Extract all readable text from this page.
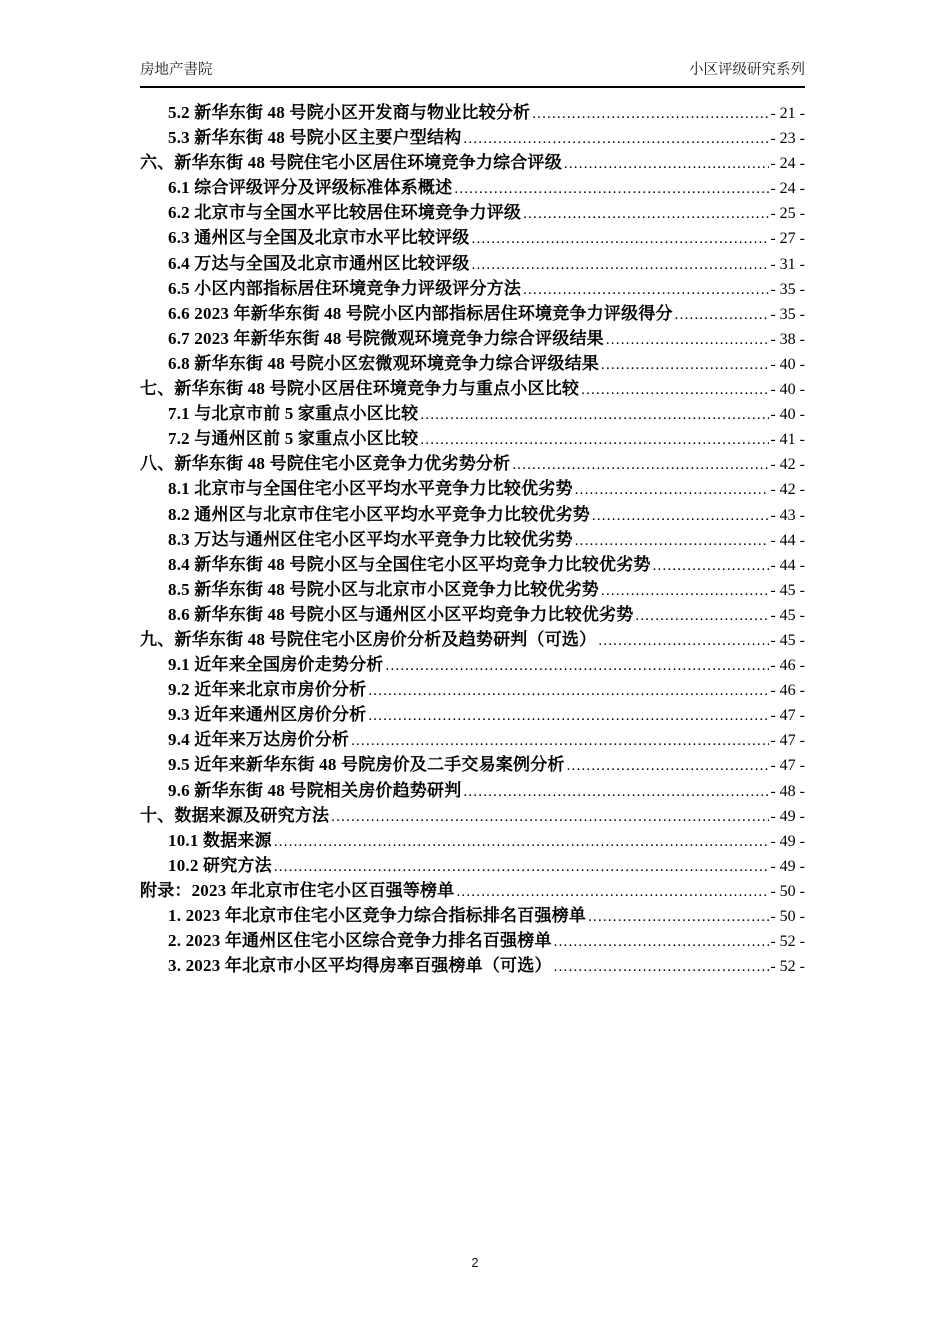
房地产書院	小区评级研究系列
5.2 新华东街 48 号院小区开发商与物业比较分析 .....	- 21 -
5.3 新华东街 48 号院小区主要户型结构 .....	- 23 -
六、新华东街 48 号院住宅小区居住环境竞争力综合评级 .....	- 24 -
6.1 综合评级评分及评级标准体系概述 .....	- 24 -
6.2 北京市与全国水平比较居住环境竞争力评级 .....	- 25 -
6.3 通州区与全国及北京市水平比较评级 .....	- 27 -
6.4 万达与全国及北京市通州区比较评级 .....	- 31 -
6.5 小区内部指标居住环境竞争力评级评分方法 .....	- 35 -
6.6 2023 年新华东街 48 号院小区内部指标居住环境竞争力评级得分 .....	- 35 -
6.7 2023 年新华东街 48 号院微观环境竞争力综合评级结果 .....	- 38 -
6.8 新华东街 48 号院小区宏微观环境竞争力综合评级结果 .....	- 40 -
七、新华东街 48 号院小区居住环境竞争力与重点小区比较 .....	- 40 -
7.1 与北京市前 5 家重点小区比较 .....	- 40 -
7.2 与通州区前 5 家重点小区比较 .....	- 41 -
八、新华东街 48 号院住宅小区竞争力优劣势分析 .....	- 42 -
8.1 北京市与全国住宅小区平均水平竞争力比较优劣势 .....	- 42 -
8.2 通州区与北京市住宅小区平均水平竞争力比较优劣势 .....	- 43 -
8.3 万达与通州区住宅小区平均水平竞争力比较优劣势 .....	- 44 -
8.4 新华东街 48 号院小区与全国住宅小区平均竞争力比较优劣势 .....	- 44 -
8.5 新华东街 48 号院小区与北京市小区竞争力比较优劣势 .....	- 45 -
8.6 新华东街 48 号院小区与通州区小区平均竞争力比较优劣势 .....	- 45 -
九、新华东街 48 号院住宅小区房价分析及趋势研判（可选） .....	- 45 -
9.1 近年来全国房价走势分析 .....	- 46 -
9.2 近年来北京市房价分析 .....	- 46 -
9.3 近年来通州区房价分析 .....	- 47 -
9.4 近年来万达房价分析 .....	- 47 -
9.5 近年来新华东街 48 号院房价及二手交易案例分析 .....	- 47 -
9.6 新华东街 48 号院相关房价趋势研判 .....	- 48 -
十、数据来源及研究方法 .....	- 49 -
10.1 数据来源 .....	- 49 -
10.2 研究方法 .....	- 49 -
附录：2023 年北京市住宅小区百强等榜单 .....	- 50 -
1. 2023 年北京市住宅小区竞争力综合指标排名百强榜单 .....	- 50 -
2. 2023 年通州区住宅小区综合竞争力排名百强榜单 .....	- 52 -
3. 2023 年北京市小区平均得房率百强榜单（可选） .....	- 52 -
2
